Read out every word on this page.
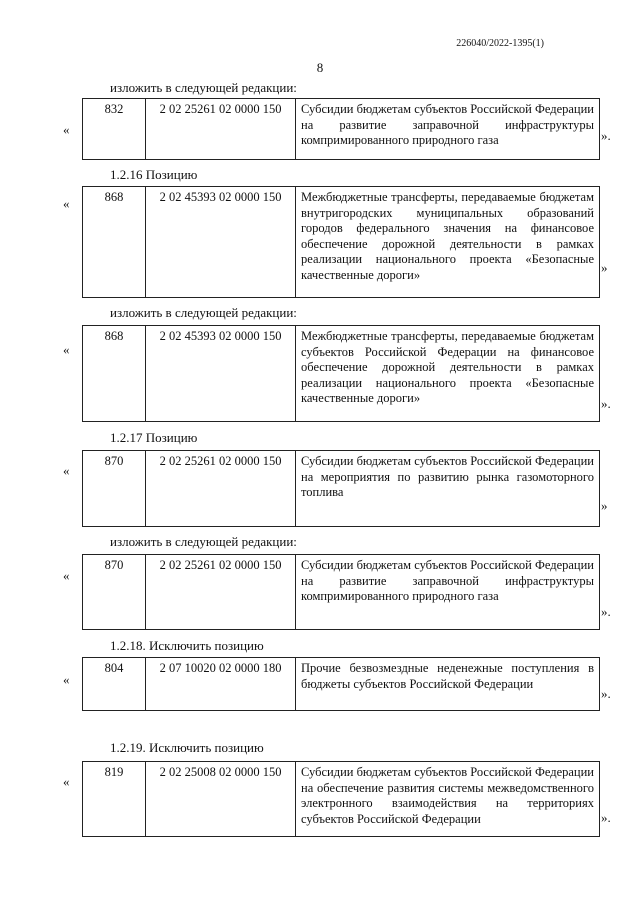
226040/2022-1395(1)
8
изложить в следующей редакции:
«
832	2 02 25261 02 0000 150	Субсидии бюджетам субъектов Российской Федерации на развитие заправочной инфраструктуры компримированного природного газа	».
1.2.16 Позицию
«	868	2 02 45393 02 0000 150	Межбюджетные трансферты, передаваемые бюджетам внутригородских муниципальных образований городов федерального значения на финансовое обеспечение дорожной деятельности в рамках реализации национального проекта «Безопасные качественные дороги»	»
изложить в следующей редакции:
«
868	2 02 45393 02 0000 150	Межбюджетные трансферты, передаваемые бюджетам субъектов Российской Федерации на финансовое обеспечение дорожной деятельности в рамках реализации национального проекта «Безопасные качественные дороги»	».
1.2.17 Позицию
«
870	2 02 25261 02 0000 150	Субсидии бюджетам субъектов Российской Федерации на мероприятия по развитию рынка газомоторного топлива
»
изложить в следующей редакции:
«
870	2 02 25261 02 0000 150	Субсидии бюджетам субъектов Российской Федерации на развитие заправочной инфраструктуры компримированного природного газа
».
1.2.18. Исключить позицию
«
804	2 07 10020 02 0000 180	Прочие безвозмездные неденежные поступления в бюджеты субъектов Российской Федерации
».
1.2.19. Исключить позицию
«
819	2 02 25008 02 0000 150	Субсидии бюджетам субъектов Российской Федерации на обеспечение развития системы межведомственного электронного взаимодействия на территориях субъектов Российской Федерации	».
